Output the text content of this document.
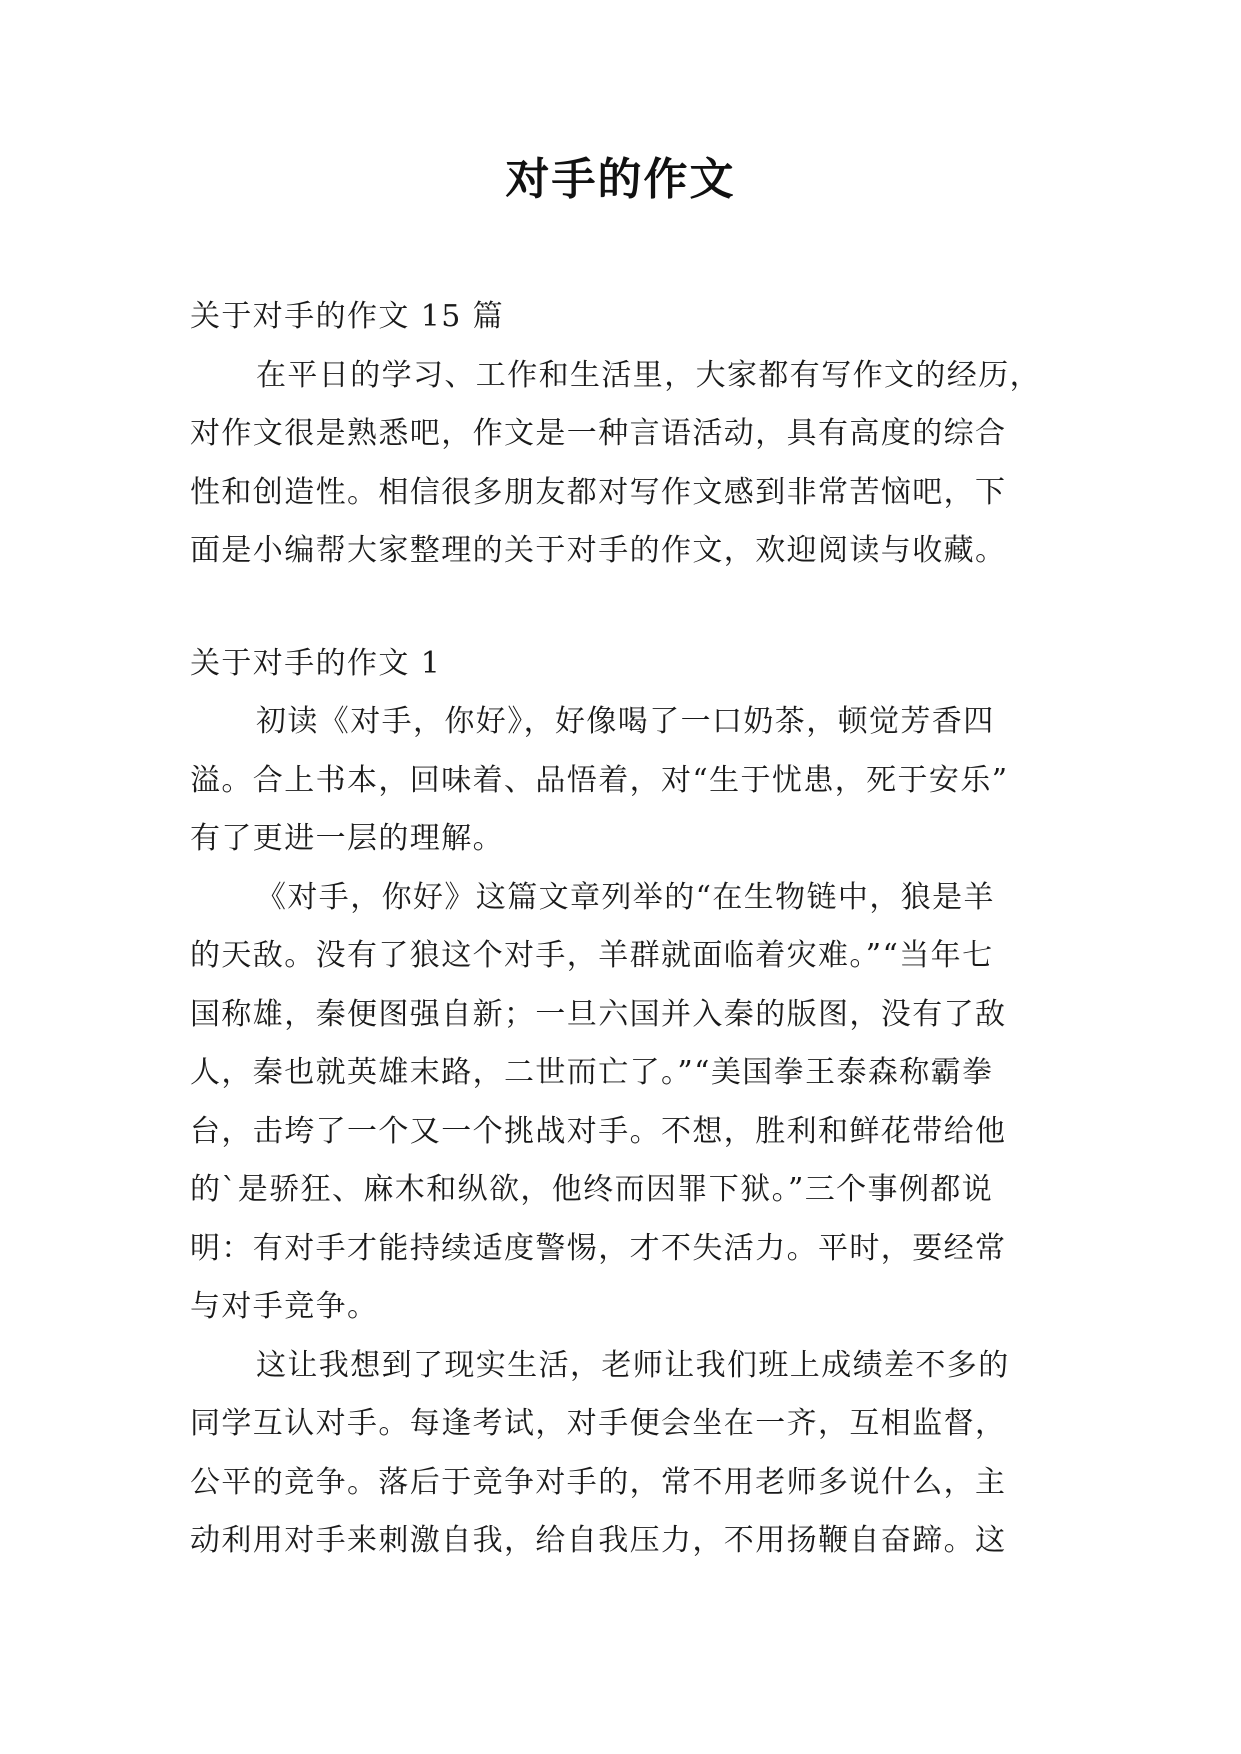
对手的作文
关于对手的作文 15 篇
在平日的学习、工作和生活里，大家都有写作文的经历，
对作文很是熟悉吧，作文是一种言语活动，具有高度的综合
性和创造性。相信很多朋友都对写作文感到非常苦恼吧，下
面是小编帮大家整理的关于对手的作文，欢迎阅读与收藏。
关于对手的作文 1
初读《对手，你好》，好像喝了一口奶茶，顿觉芳香四
溢。合上书本，回味着、品悟着，对“生于忧患，死于安乐”
有了更进一层的理解。
《对手，你好》这篇文章列举的“在生物链中，狼是羊
的天敌。没有了狼这个对手，羊群就面临着灾难。”“当年七
国称雄，秦便图强自新；一旦六国并入秦的版图，没有了敌
人，秦也就英雄末路，二世而亡了。”“美国拳王泰森称霸拳
台，击垮了一个又一个挑战对手。不想，胜利和鲜花带给他
的`是骄狂、麻木和纵欲，他终而因罪下狱。”三个事例都说
明：有对手才能持续适度警惕，才不失活力。平时，要经常
与对手竞争。
这让我想到了现实生活，老师让我们班上成绩差不多的
同学互认对手。每逢考试，对手便会坐在一齐，互相监督，
公平的竞争。落后于竞争对手的，常不用老师多说什么，主
动利用对手来刺激自我，给自我压力，不用扬鞭自奋蹄。这
